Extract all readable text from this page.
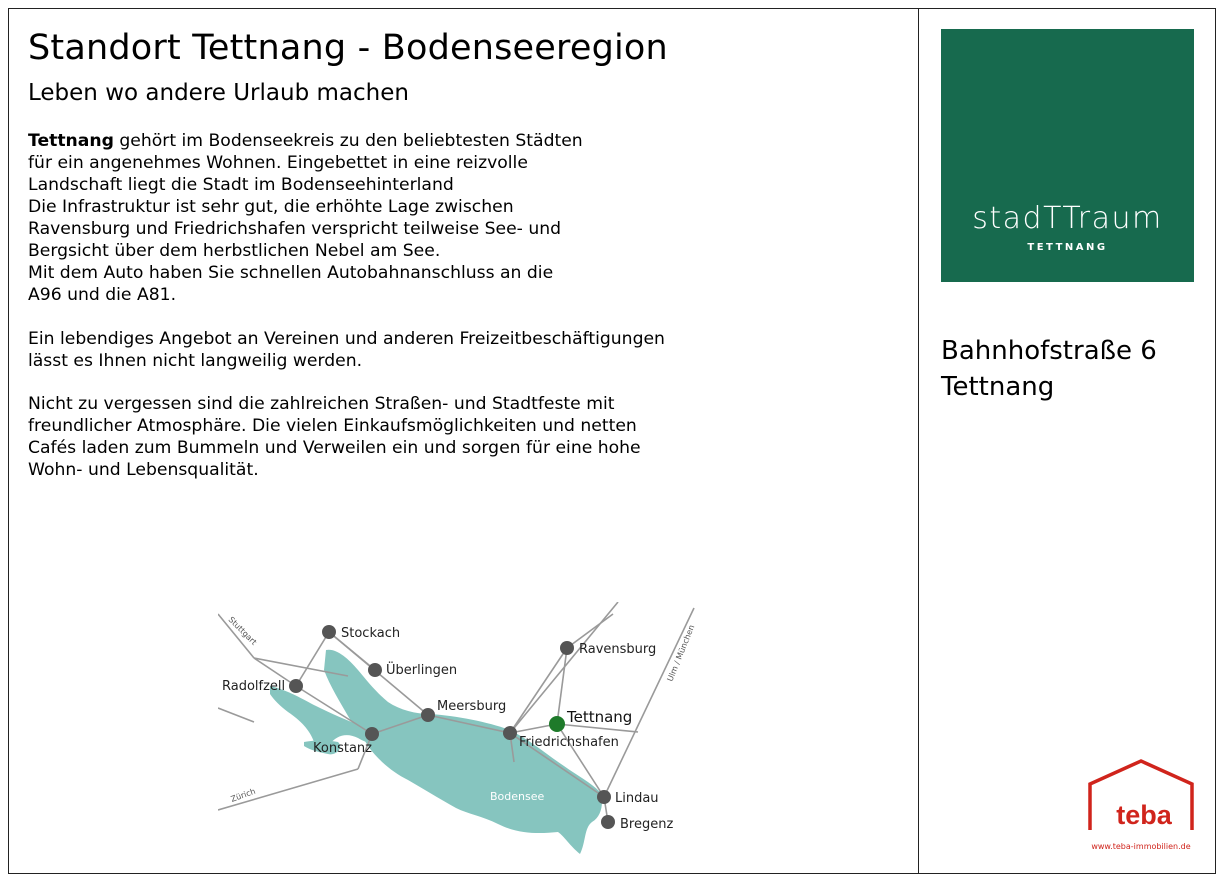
Standort Tettnang - Bodenseeregion
Leben wo andere Urlaub machen
Tettnang gehört im Bodenseekreis zu den beliebtesten Städten
für ein angenehmes Wohnen. Eingebettet in eine reizvolle
Landschaft liegt die Stadt im Bodenseehinterland
Die Infrastruktur ist sehr gut, die erhöhte Lage zwischen
Ravensburg und Friedrichshafen verspricht teilweise See- und
Bergsicht über dem herbstlichen Nebel am See.
Mit dem Auto haben Sie schnellen Autobahnanschluss an die
A96 und die A81.
Ein lebendiges Angebot an Vereinen und anderen Freizeitbeschäftigungen
lässt es Ihnen nicht langweilig werden.
Nicht zu vergessen sind die zahlreichen Straßen- und Stadtfeste mit
freundlicher Atmosphäre. Die vielen Einkaufsmöglichkeiten und netten
Cafés laden zum Bummeln und Verweilen ein und sorgen für eine hohe
Wohn- und Lebensqualität.
stadTTraum
TETTNANG
Bahnhofstraße 6
Tettnang
Bodensee
Stuttgart
Zürich
Ulm / München
Stockach
Überlingen
Radolfzell
Meersburg
Konstanz
Ravensburg
Friedrichshafen
Lindau
Bregenz
Tettnang
teba
www.teba-immobilien.de
